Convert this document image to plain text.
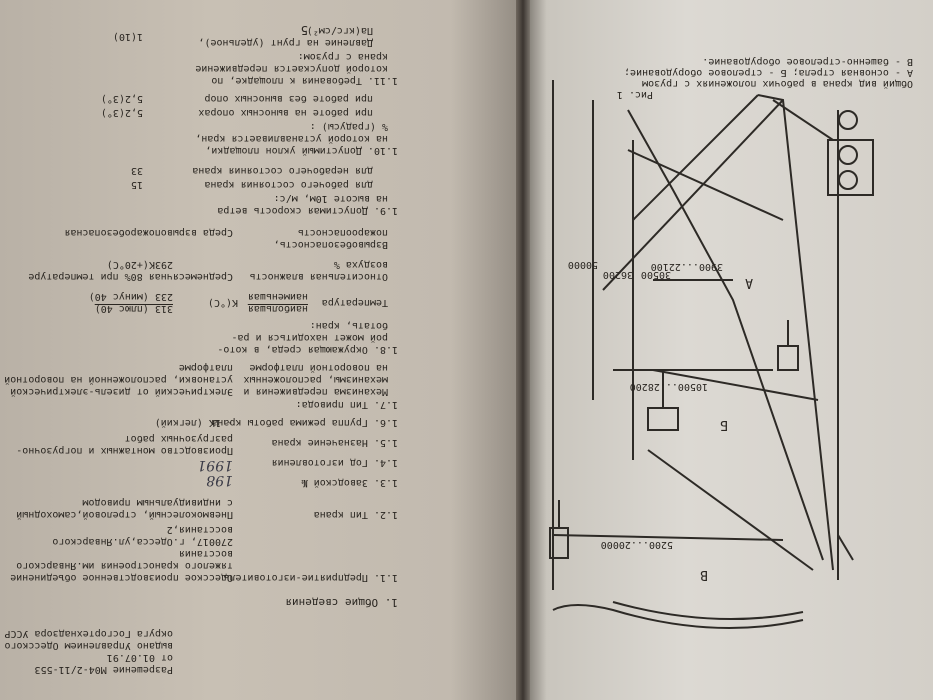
50000
36200 30500
3900...22100
10500...28200
5200...20000
А
Б
В
Рис. 1
Общий вид крана в рабочих положениях с грузом
А - основная стрела; Б - стреловое оборудование;
В - башенно-стреловое оборудование.
5
Разрешение М04-2/11-553
от 01.07.91
выдано Управлением Одесского
округа Госгортехнадзора УССР
1. Общие сведения
1.1. Предприятие-изготовитель
Одесское производственное объединение
тяжелого краностроения им.Январского
восстания
270017, г.Одесса,ул.Январского
восстания,2
1.2. Тип крана
Пневмоколесный, стреловой,самоходный
с индивидуальным приводом
1.3. Заводской №
1.4. Год изготовления
1.5. Назначение крана
Производство монтажных и погрузочно-
разгрузочных работ
1.6. Группа режима работы крана
- 1К (легкий)
1.7. Тип привода:
Механизма передвижения и
механизмы, расположенных
на поворотной платформе
Электрический от дизель-электрической
установки, расположенной на поворотной
платформе
1.8. Окружающая среда, в кото-
рой может находиться и ра-
ботать, кран:
Температура
наибольшая
наименьшая
K(°C)
313 (плюс 40)
233 (минус 40)
Относительная влажность
воздуха %
Среднемесячная 80% при температуре
293K(+20°C)
Взрывобезопасность,
пожароопасность
Среда взрывопожаробезопасная
1.9. Допустимая скорость ветра
на высоте 10м, м/с:
для рабочего состояния крана
15
для нерабочего состояния крана
33
1.10. Допустимый уклон площадки,
на которой устанавливается кран,
% (градусы) :
при работе на выносных опорах
5,2(3°)
при работе без выносных опор
5,2(3°)
1.11. Требования к площадке, по
которой допускается передвижение
крана с грузом:
Давление на грунт (удельное),
Па(кгс/см²)
1(10)
198
1991
